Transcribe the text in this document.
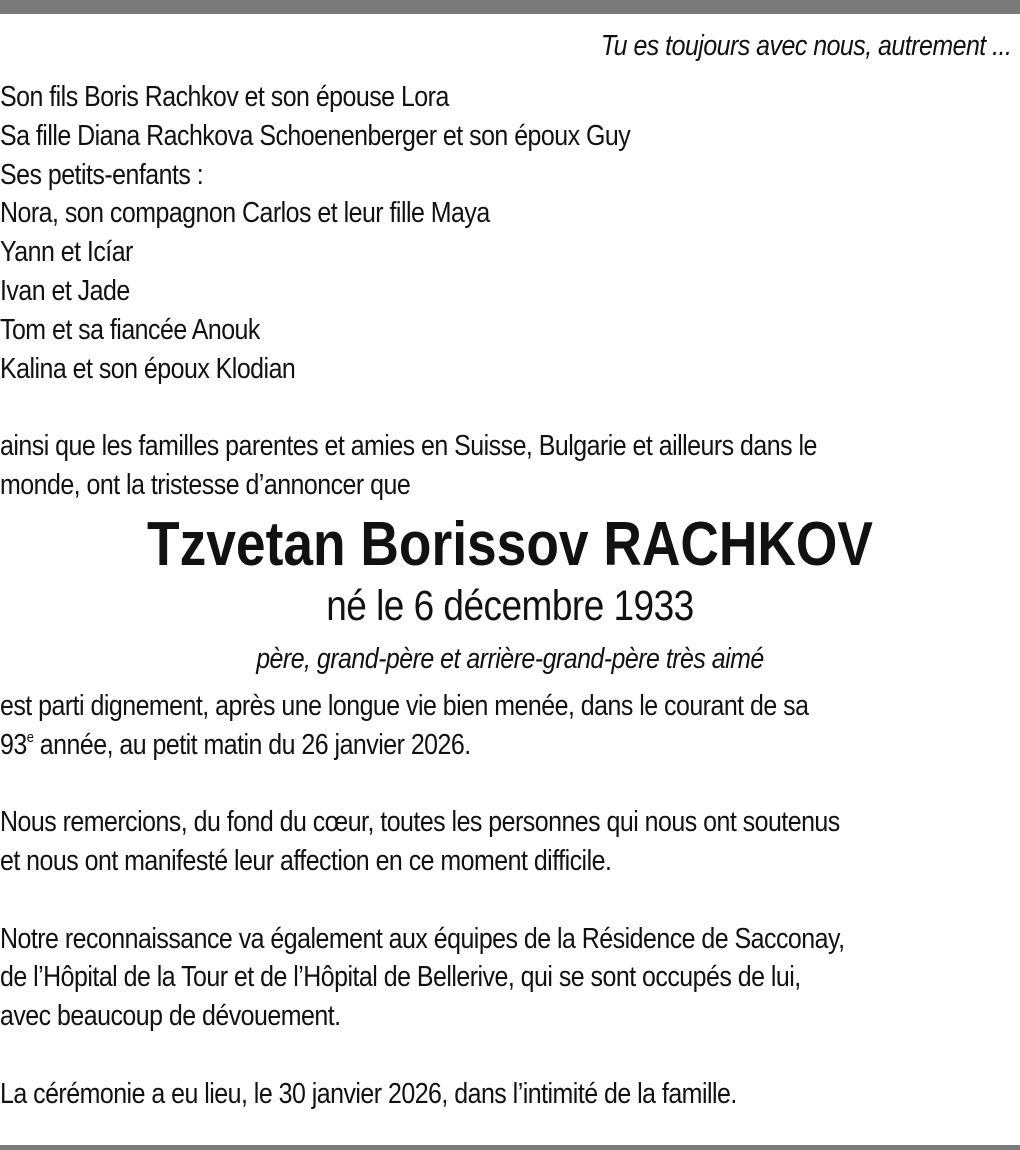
Tu es toujours avec nous, autrement ...
Son fils Boris Rachkov et son épouse Lora
Sa fille Diana Rachkova Schoenenberger et son époux Guy
Ses petits-enfants :
Nora, son compagnon Carlos et leur fille Maya
Yann et Icíar
Ivan et Jade
Tom et sa fiancée Anouk
Kalina et son époux Klodian
ainsi que les familles parentes et amies en Suisse, Bulgarie et ailleurs dans le
monde, ont la tristesse d’annoncer que
Tzvetan Borissov RACHKOV
né le 6 décembre 1933
père, grand-père et arrière-grand-père très aimé
est parti dignement, après une longue vie bien menée, dans le courant de sa
93e année, au petit matin du 26 janvier 2026.
Nous remercions, du fond du cœur, toutes les personnes qui nous ont soutenus
et nous ont manifesté leur affection en ce moment difficile.
Notre reconnaissance va également aux équipes de la Résidence de Sacconay,
de l’Hôpital de la Tour et de l’Hôpital de Bellerive, qui se sont occupés de lui,
avec beaucoup de dévouement.
La cérémonie a eu lieu, le 30 janvier 2026, dans l’intimité de la famille.
